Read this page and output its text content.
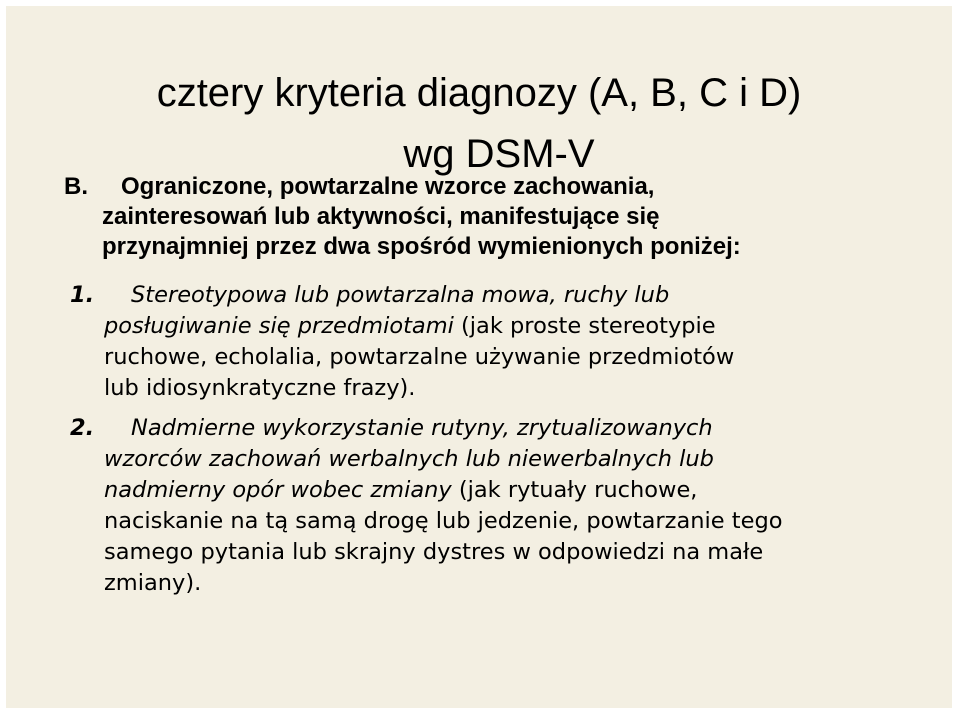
cztery kryteria diagnozy (A, B, C i D)
wg DSM-V
B. Ograniczone, powtarzalne wzorce zachowania,
zainteresowań lub aktywności, manifestujące się
przynajmniej przez dwa spośród wymienionych poniżej:
1. Stereotypowa lub powtarzalna mowa, ruchy lub
posługiwanie się przedmiotami (jak proste stereotypie
ruchowe, echolalia, powtarzalne używanie przedmiotów
lub idiosynkratyczne frazy).
2. Nadmierne wykorzystanie rutyny, zrytualizowanych
wzorców zachowań werbalnych lub niewerbalnych lub
nadmierny opór wobec zmiany (jak rytuały ruchowe,
naciskanie na tą samą drogę lub jedzenie, powtarzanie tego
samego pytania lub skrajny dystres w odpowiedzi na małe
zmiany).
